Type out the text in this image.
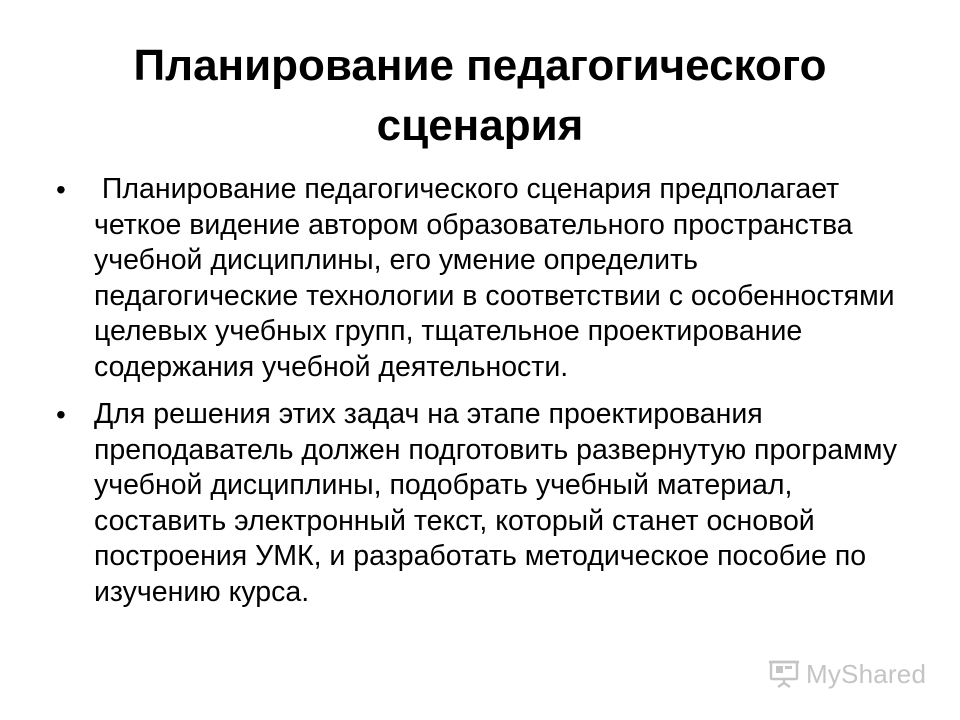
Планирование педагогического сценария
• Планирование педагогического сценария предполагает четкое видение автором образовательного пространства учебной дисциплины, его умение определить педагогические технологии в соответствии с особенностями целевых учебных групп, тщательное проектирование содержания учебной деятельности.
• Для решения этих задач на этапе проектирования преподаватель должен подготовить развернутую программу учебной дисциплины, подобрать учебный материал, составить электронный текст, который станет основой построения УМК, и разработать методическое пособие по изучению курса.
MyShared
